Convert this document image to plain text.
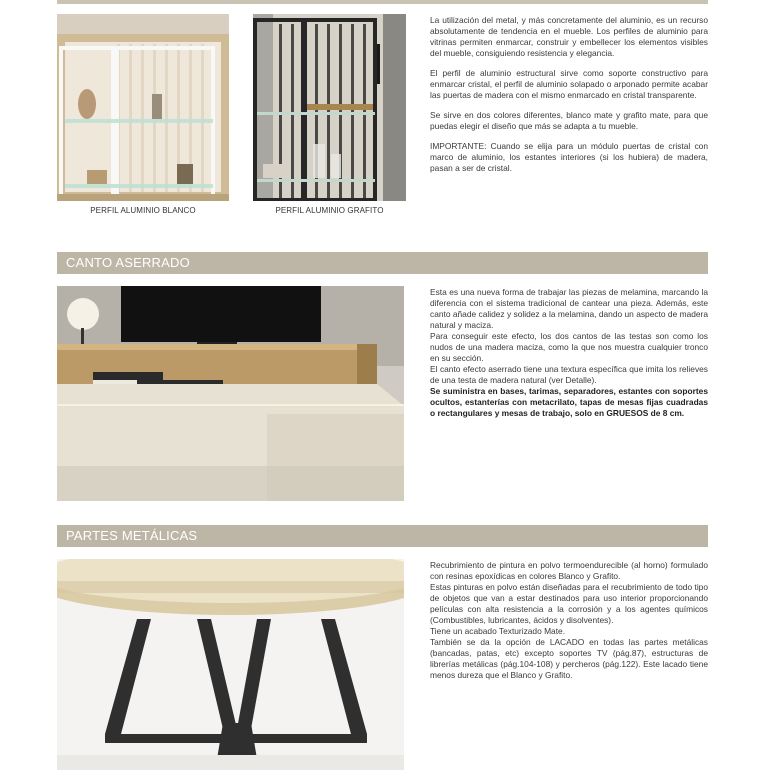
PERFIL ALUMINIO BLANCO	PERFIL ALUMINIO GRAFITO

La utilización del metal, y más concretamente del aluminio, es un recurso absolutamente de tendencia en el mueble. Los perfiles de aluminio para vitrinas permiten enmarcar, construir y embellecer los elementos visibles del mueble, consiguiendo resistencia y elegancia.

El perfil de aluminio estructural sirve como soporte constructivo para enmarcar cristal, el perfil de aluminio solapado o arponado permite acabar las puertas de madera con el mismo enmarcado en cristal transparente.

Se sirve en dos colores diferentes, blanco mate y grafito mate, para que puedas elegir el diseño que más se adapta a tu mueble.

IMPORTANTE: Cuando se elija para un módulo puertas de cristal con marco de aluminio, los estantes interiores (si los hubiera) de madera, pasan a ser de cristal.

CANTO ASERRADO

Esta es una nueva forma de trabajar las piezas de melamina, marcando la diferencia con el sistema tradicional de cantear una pieza. Además, este canto añade calidez y solidez a la melamina, dando un aspecto de madera natural y maciza.

Para conseguir este efecto, los dos cantos de las testas son como los nudos de una madera maciza, como la que nos muestra cualquier tronco en su sección.

El canto efecto aserrado tiene una textura específica que imita los relieves de una testa de madera natural (ver Detalle).

Se suministra en bases, tarimas, separadores, estantes con soportes ocultos, estanterías con metacrilato, tapas de mesas fijas cuadradas o rectangulares y mesas de trabajo, solo en GRUESOS de 8 cm.

PARTES METÁLICAS

Recubrimiento de pintura en polvo termoendurecible (al horno) formulado con resinas epoxídicas en colores Blanco y Grafito.

Estas pinturas en polvo están diseñadas para el recubrimiento de todo tipo de objetos que van a estar destinados para uso interior proporcionando películas con alta resistencia a la corrosión y a los agentes químicos (Combustibles, lubricantes, ácidos y disolventes).

Tiene un acabado Texturizado Mate.

También se da la opción de LACADO en todas las partes metálicas (bancadas, patas, etc) excepto soportes TV (pág.87), estructuras de librerías metálicas (pág.104-108) y percheros (pág.122). Este lacado tiene menos dureza que el Blanco y Grafito.
